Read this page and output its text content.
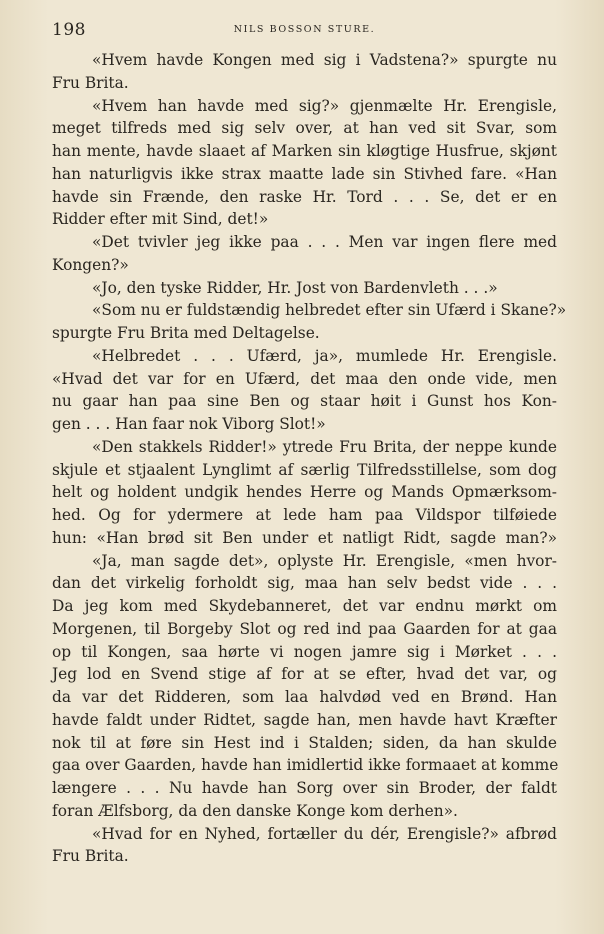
198	NILS BOSSON STURE.
«Hvem havde Kongen med sig i Vadstena?» spurgte nu
Fru Brita.
«Hvem han havde med sig?» gjenmælte Hr. Erengisle,
meget tilfreds med sig selv over, at han ved sit Svar, som
han mente, havde slaaet af Marken sin kløgtige Husfrue, skjønt
han naturligvis ikke strax maatte lade sin Stivhed fare. «Han
havde sin Frænde, den raske Hr. Tord . . . Se, det er en
Ridder efter mit Sind, det!»
«Det tvivler jeg ikke paa . . . Men var ingen flere med
Kongen?»
«Jo, den tyske Ridder, Hr. Jost von Bardenvleth . . .»
«Som nu er fuldstændig helbredet efter sin Ufærd i Skane?»
spurgte Fru Brita med Deltagelse.
«Helbredet . . . Ufærd, ja», mumlede Hr. Erengisle.
«Hvad det var for en Ufærd, det maa den onde vide, men
nu gaar han paa sine Ben og staar høit i Gunst hos Kon-
gen . . . Han faar nok Viborg Slot!»
«Den stakkels Ridder!» ytrede Fru Brita, der neppe kunde
skjule et stjaalent Lynglimt af særlig Tilfredsstillelse, som dog
helt og holdent undgik hendes Herre og Mands Opmærksom-
hed. Og for ydermere at lede ham paa Vildspor tilføiede
hun: «Han brød sit Ben under et natligt Ridt, sagde man?»
«Ja, man sagde det», oplyste Hr. Erengisle, «men hvor-
dan det virkelig forholdt sig, maa han selv bedst vide . . .
Da jeg kom med Skydebanneret, det var endnu mørkt om
Morgenen, til Borgeby Slot og red ind paa Gaarden for at gaa
op til Kongen, saa hørte vi nogen jamre sig i Mørket . . .
Jeg lod en Svend stige af for at se efter, hvad det var, og
da var det Ridderen, som laa halvdød ved en Brønd. Han
havde faldt under Ridtet, sagde han, men havde havt Kræfter
nok til at føre sin Hest ind i Stalden; siden, da han skulde
gaa over Gaarden, havde han imidlertid ikke formaaet at komme
længere . . . Nu havde han Sorg over sin Broder, der faldt
foran Ælfsborg, da den danske Konge kom derhen».
«Hvad for en Nyhed, fortæller du dér, Erengisle?» afbrød
Fru Brita.
